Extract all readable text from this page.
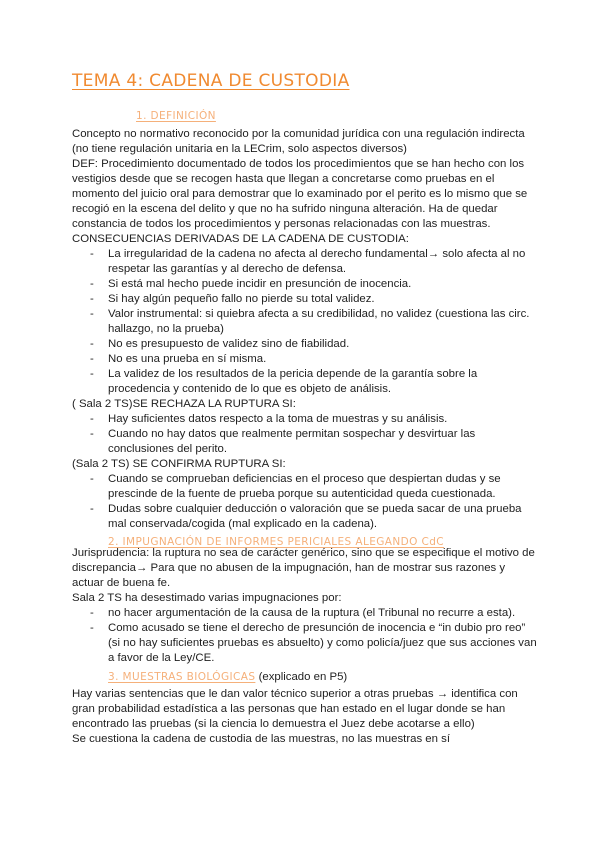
TEMA 4: CADENA DE CUSTODIA
1. DEFINICIÓN

Concepto no normativo reconocido por la comunidad jurídica con una regulación indirecta

(no tiene regulación unitaria en la LECrim, solo aspectos diversos)

DEF: Procedimiento documentado de todos los procedimientos que se han hecho con los

vestigios desde que se recogen hasta que llegan a concretarse como pruebas en el

momento del juicio oral para demostrar que lo examinado por el perito es lo mismo que se

recogió en la escena del delito y que no ha sufrido ninguna alteración. Ha de quedar

constancia de todos los procedimientos y personas relacionadas con las muestras.

CONSECUENCIAS DERIVADAS DE LA CADENA DE CUSTODIA:

- La irregularidad de la cadena no afecta al derecho fundamental→ solo afecta al no
respetar las garantías y al derecho de defensa.
- Si está mal hecho puede incidir en presunción de inocencia.
- Si hay algún pequeño fallo no pierde su total validez.
- Valor instrumental: si quiebra afecta a su credibilidad, no validez (cuestiona las circ.
hallazgo, no la prueba)
- No es presupuesto de validez sino de fiabilidad.
- No es una prueba en sí misma.
- La validez de los resultados de la pericia depende de la garantía sobre la
procedencia y contenido de lo que es objeto de análisis.

( Sala 2 TS)SE RECHAZA LA RUPTURA SI:

- Hay suficientes datos respecto a la toma de muestras y su análisis.
- Cuando no hay datos que realmente permitan sospechar y desvirtuar las
conclusiones del perito.

(Sala 2 TS) SE CONFIRMA RUPTURA SI:

- Cuando se comprueban deficiencias en el proceso que despiertan dudas y se
prescinde de la fuente de prueba porque su autenticidad queda cuestionada.
- Dudas sobre cualquier deducción o valoración que se pueda sacar de una prueba
mal conservada/cogida (mal explicado en la cadena).
2. IMPUGNACIÓN DE INFORMES PERICIALES ALEGANDO CdC

Jurisprudencia: la ruptura no sea de carácter genérico, sino que se especifique el motivo de

discrepancia→ Para que no abusen de la impugnación, han de mostrar sus razones y

actuar de buena fe.

Sala 2 TS ha desestimado varias impugnaciones por:

- no hacer argumentación de la causa de la ruptura (el Tribunal no recurre a esta).
- Como acusado se tiene el derecho de presunción de inocencia e “in dubio pro reo”
(si no hay suficientes pruebas es absuelto) y como policía/juez que sus acciones van
a favor de la Ley/CE.
3. MUESTRAS BIOLÓGICAS (explicado en P5)

Hay varias sentencias que le dan valor técnico superior a otras pruebas → identifica con

gran probabilidad estadística a las personas que han estado en el lugar donde se han

encontrado las pruebas (si la ciencia lo demuestra el Juez debe acotarse a ello)

Se cuestiona la cadena de custodia de las muestras, no las muestras en sí
